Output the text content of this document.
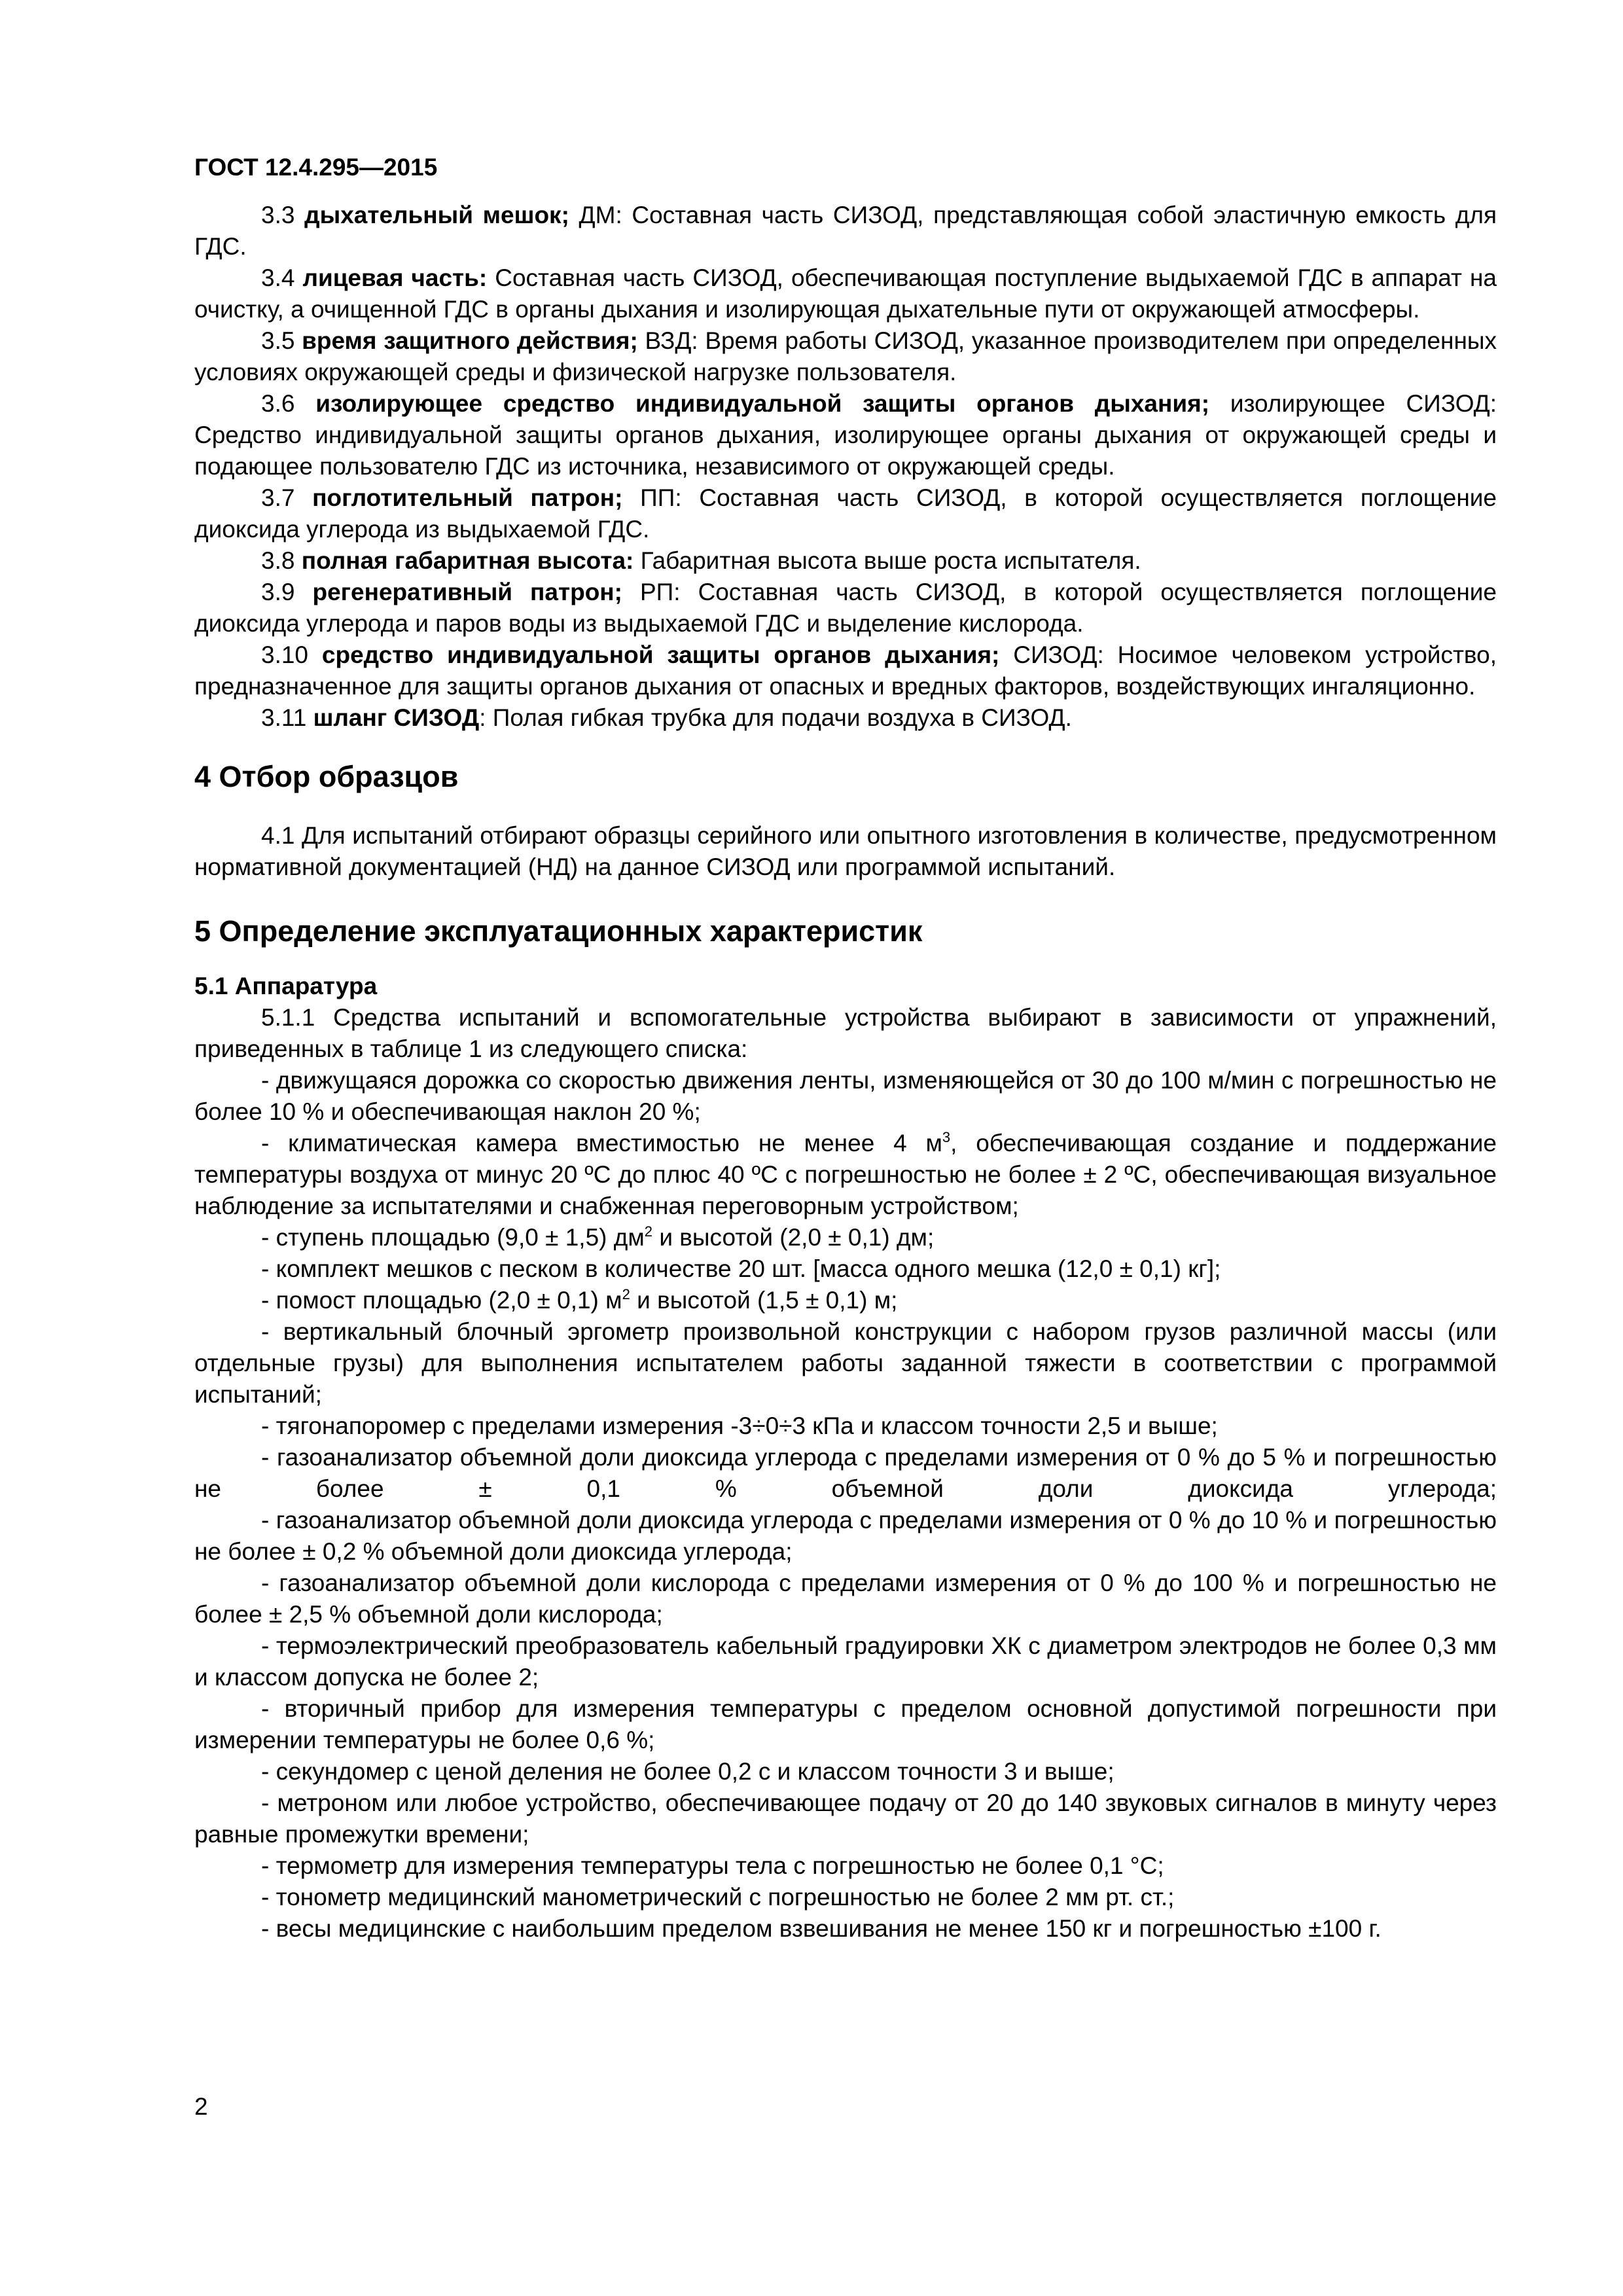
ГОСТ 12.4.295—2015

3.3 дыхательный мешок; ДМ: Составная часть СИЗОД, представляющая собой эластичную емкость для ГДС.

3.4 лицевая часть: Составная часть СИЗОД, обеспечивающая поступление выдыхаемой ГДС в аппарат на очистку, а очищенной ГДС в органы дыхания и изолирующая дыхательные пути от окружающей атмосферы.

3.5 время защитного действия; ВЗД: Время работы СИЗОД, указанное производителем при определенных условиях окружающей среды и физической нагрузке пользователя.

3.6 изолирующее средство индивидуальной защиты органов дыхания; изолирующее СИЗОД: Средство индивидуальной защиты органов дыхания, изолирующее органы дыхания от окружающей среды и подающее пользователю ГДС из источника, независимого от окружающей среды.

3.7 поглотительный патрон; ПП: Составная часть СИЗОД, в которой осуществляется поглощение диоксида углерода из выдыхаемой ГДС.

3.8 полная габаритная высота: Габаритная высота выше роста испытателя.

3.9 регенеративный патрон; РП: Составная часть СИЗОД, в которой осуществляется поглощение диоксида углерода и паров воды из выдыхаемой ГДС и выделение кислорода.

3.10 средство индивидуальной защиты органов дыхания; СИЗОД: Носимое человеком устройство, предназначенное для защиты органов дыхания от опасных и вредных факторов, воздействующих ингаляционно.

3.11 шланг СИЗОД: Полая гибкая трубка для подачи воздуха в СИЗОД.

4 Отбор образцов

4.1 Для испытаний отбирают образцы серийного или опытного изготовления в количестве, предусмотренном нормативной документацией (НД) на данное СИЗОД или программой испытаний.

5 Определение эксплуатационных характеристик
5.1 Аппаратура

5.1.1 Средства испытаний и вспомогательные устройства выбирают в зависимости от упражнений, приведенных в таблице 1 из следующего списка:

- движущаяся дорожка со скоростью движения ленты, изменяющейся от 30 до 100 м/мин с погрешностью не более 10 % и обеспечивающая наклон 20 %;

- климатическая камера вместимостью не менее 4 $м^3$, обеспечивающая создание и поддержание температуры воздуха от минус 20 ºС до плюс 40 ºС с погрешностью не более ± 2 ºС, обеспечивающая визуальное наблюдение за испытателями и снабженная переговорным устройством;

- ступень площадью (9,0 ± 1,5) $дм^2$ и высотой (2,0 ± 0,1) дм;

- комплект мешков с песком в количестве 20 шт. [масса одного мешка (12,0 ± 0,1) кг];

- помост площадью (2,0 ± 0,1) $м^2$ и высотой (1,5 ± 0,1) м;

- вертикальный блочный эргометр произвольной конструкции с набором грузов различной массы (или отдельные грузы) для выполнения испытателем работы заданной тяжести в соответствии с программой испытаний;

- тягонапоромер с пределами измерения -3÷0÷3 кПа и классом точности 2,5 и выше;

- газоанализатор объемной доли диоксида углерода с пределами измерения от 0 % до 5 % и погрешностью не более ± 0,1 % объемной доли диоксида углерода;

- газоанализатор объемной доли диоксида углерода с пределами измерения от 0 % до 10 % и погрешностью не более ± 0,2 % объемной доли диоксида углерода;

- газоанализатор объемной доли кислорода с пределами измерения от 0 % до 100 % и погрешностью не более ± 2,5 % объемной доли кислорода;

- термоэлектрический преобразователь кабельный градуировки ХК с диаметром электродов не более 0,3 мм и классом допуска не более 2;

- вторичный прибор для измерения температуры с пределом основной допустимой погрешности при измерении температуры не более 0,6 %;

- секундомер с ценой деления не более 0,2 с и классом точности 3 и выше;

- метроном или любое устройство, обеспечивающее подачу от 20 до 140 звуковых сигналов в минуту через равные промежутки времени;

- термометр для измерения температуры тела с погрешностью не более 0,1 °С;

- тонометр медицинский манометрический с погрешностью не более 2 мм рт. ст.;

- весы медицинские с наибольшим пределом взвешивания не менее 150 кг и погрешностью ±100 г.

2
